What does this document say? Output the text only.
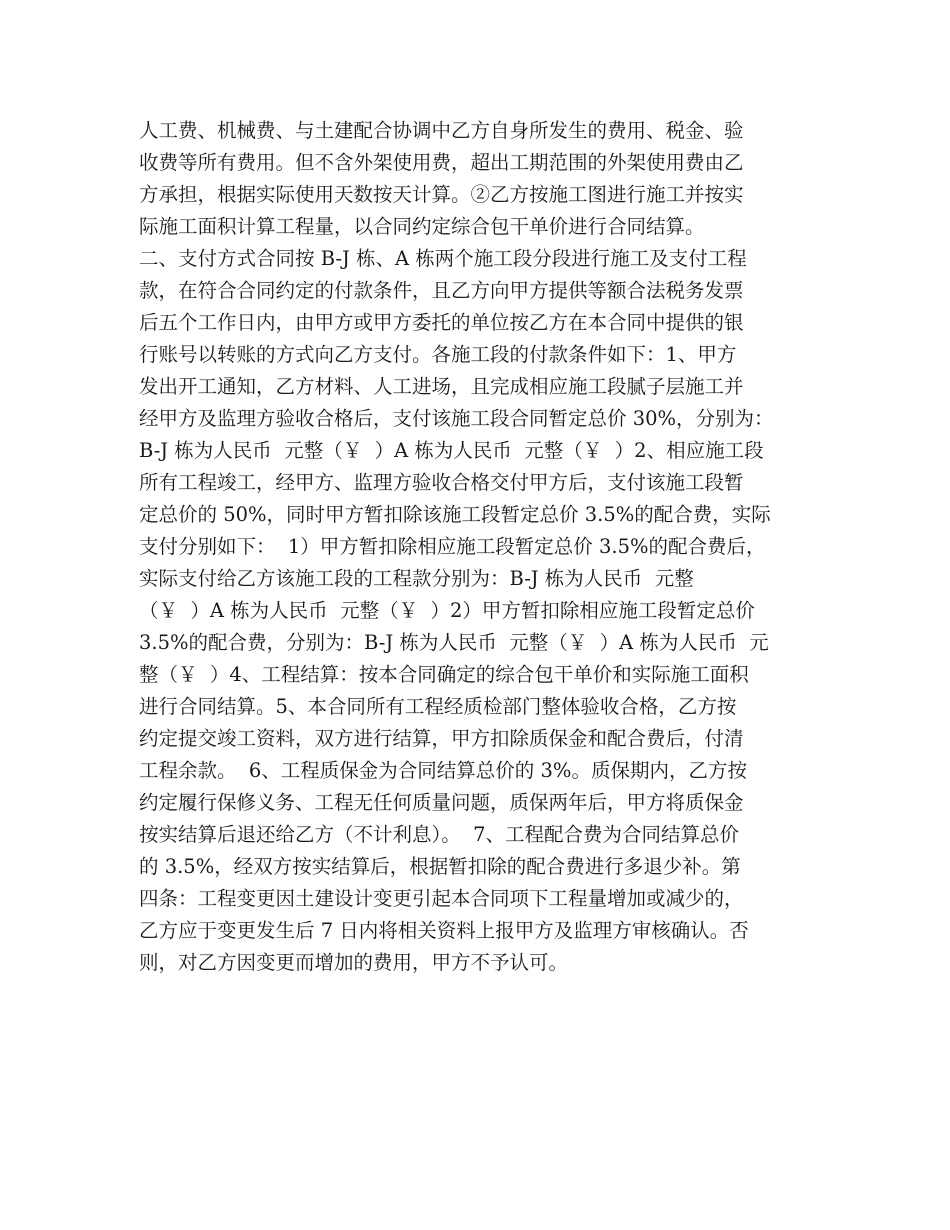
人工费、机械费、与土建配合协调中乙方自身所发生的费用、税金、验
收费等所有费用。但不含外架使用费，超出工期范围的外架使用费由乙
方承担，根据实际使用天数按天计算。②乙方按施工图进行施工并按实
际施工面积计算工程量，以合同约定综合包干单价进行合同结算。
二、支付方式合同按 B-J 栋、A 栋两个施工段分段进行施工及支付工程
款，在符合合同约定的付款条件，且乙方向甲方提供等额合法税务发票
后五个工作日内，由甲方或甲方委托的单位按乙方在本合同中提供的银
行账号以转账的方式向乙方支付。各施工段的付款条件如下：1、甲方
发出开工通知，乙方材料、人工进场，且完成相应施工段腻子层施工并
经甲方及监理方验收合格后，支付该施工段合同暂定总价 30%，分别为：
B-J 栋为人民币  元整（￥  ）A 栋为人民币  元整（￥  ）2、相应施工段
所有工程竣工，经甲方、监理方验收合格交付甲方后，支付该施工段暂
定总价的 50%，同时甲方暂扣除该施工段暂定总价 3.5%的配合费，实际
支付分别如下：  1）甲方暂扣除相应施工段暂定总价 3.5%的配合费后，
实际支付给乙方该施工段的工程款分别为：B-J 栋为人民币  元整
（￥  ）A 栋为人民币  元整（￥  ）2）甲方暂扣除相应施工段暂定总价
3.5%的配合费，分别为：B-J 栋为人民币  元整（￥  ）A 栋为人民币  元
整（￥  ）4、工程结算：按本合同确定的综合包干单价和实际施工面积
进行合同结算。5、本合同所有工程经质检部门整体验收合格，乙方按
约定提交竣工资料，双方进行结算，甲方扣除质保金和配合费后，付清
工程余款。  6、工程质保金为合同结算总价的 3%。质保期内，乙方按
约定履行保修义务、工程无任何质量问题，质保两年后，甲方将质保金
按实结算后退还给乙方（不计利息）。  7、工程配合费为合同结算总价
的 3.5%，经双方按实结算后，根据暂扣除的配合费进行多退少补。第
四条：工程变更因土建设计变更引起本合同项下工程量增加或减少的，
乙方应于变更发生后 7 日内将相关资料上报甲方及监理方审核确认。否
则，对乙方因变更而增加的费用，甲方不予认可。
